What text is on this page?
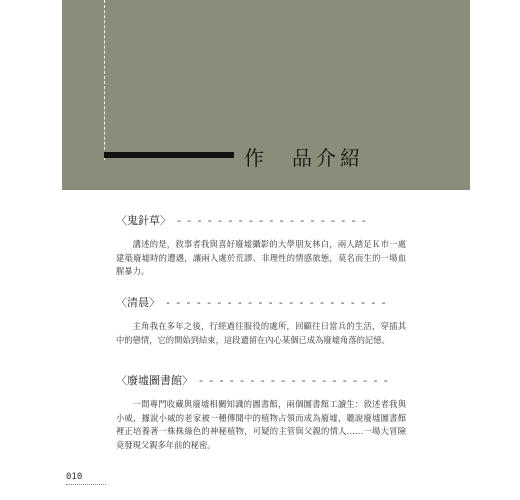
作　品介紹
〈鬼針草〉 - - - - - - - - - - - - - - - - - - -
講述的是，敘事者我與喜好廢墟攝影的大學朋友林白，兩人踏足Ｋ市一處建築廢墟時的遭遇，讓兩人處於荒謬、非理性的情感旅態，莫名而生的一場血腥暴力。
〈清晨〉 - - - - - - - - - - - - - - - - - - - - - -
主角我在多年之後，行經過往服役的處所，回顧往日當兵的生活，穿插其中的戀情，它的開始到結束，這段遺留在內心某個已成為廢墟角落的記憶。
〈廢墟圖書館〉 - - - - - - - - - - - - - - - - - - -
一間專門收藏與廢墟相關知識的圖書館，兩個圖書館工讀生：敘述者我與小威，據說小威的老家被一種傳聞中的植物占領而成為廢墟，聽說廢墟圖書館裡正培養著一株株綠色的神秘植物，可疑的主管與父親的情人……一場大冒險竟發現父親多年前的秘密。
010
